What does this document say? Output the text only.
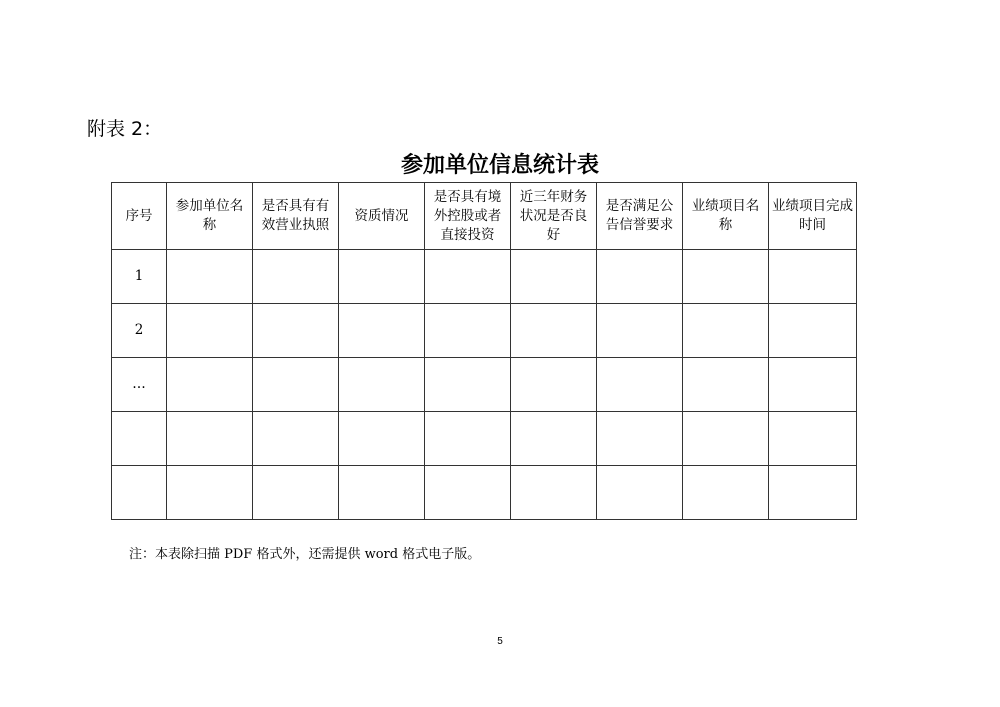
附表 2：
参加单位信息统计表
序号	参加单位名称	是否具有有效营业执照	资质情况	是否具有境外控股或者直接投资	近三年财务状况是否良好	是否满足公告信誉要求	业绩项目名称	业绩项目完成时间
1								
2								
…								

注：本表除扫描 PDF 格式外，还需提供 word 格式电子版。
5
